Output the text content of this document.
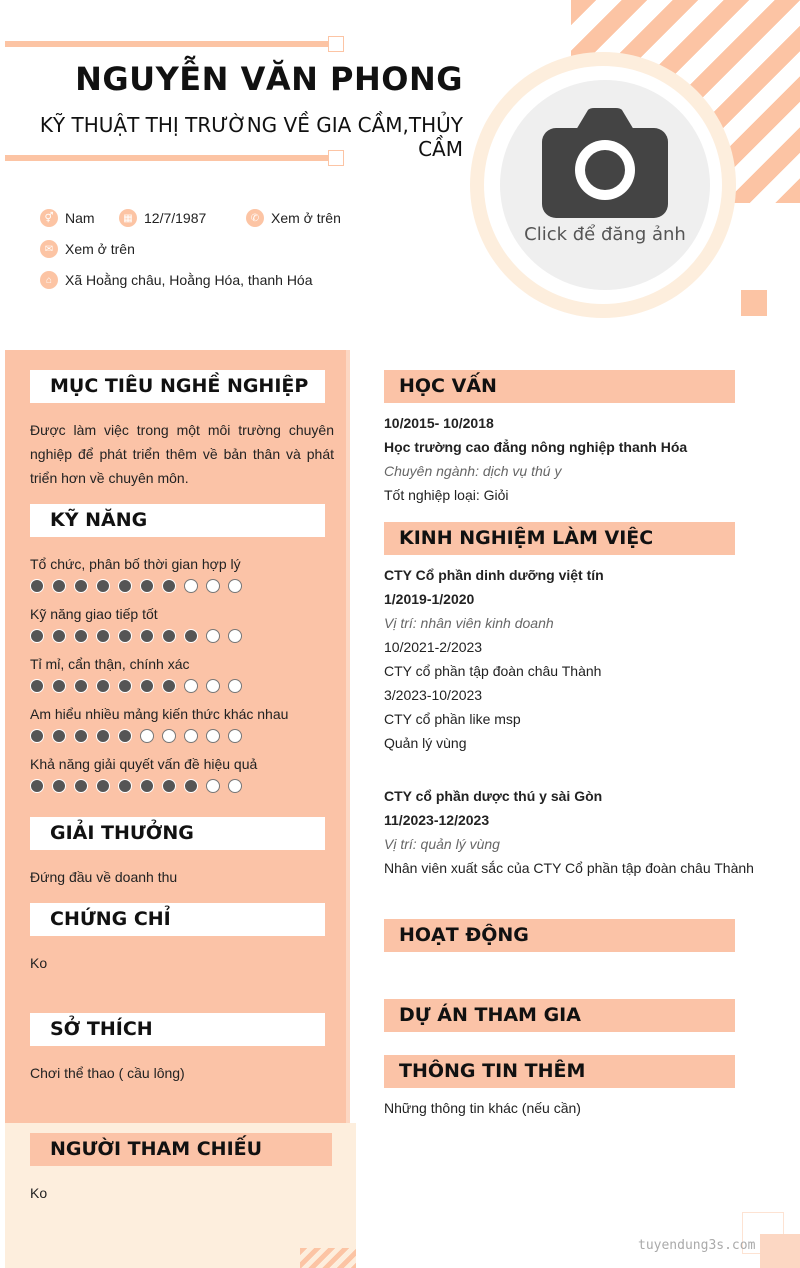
Click để đăng ảnh
NGUYỄN VĂN PHONG
KỸ THUẬT THỊ TRƯỜNG VỀ GIA CẦM,THỦY CẦM
⚥ Nam	▦ 12/7/1987	✆ Xem ở trên
✉ Xem ở trên
⌂ Xã Hoằng châu, Hoằng Hóa, thanh Hóa
MỤC TIÊU NGHỀ NGHIỆP
Được làm việc trong một môi trường chuyên nghiệp để phát triển thêm về bản thân và phát triển hơn về chuyên môn.
KỸ NĂNG
Tổ chức, phân bố thời gian hợp lý
Kỹ năng giao tiếp tốt
Tỉ mỉ, cẩn thận, chính xác
Am hiểu nhiều mảng kiến thức khác nhau
Khả năng giải quyết vấn đề hiệu quả
GIẢI THƯỞNG
Đứng đầu về doanh thu
CHỨNG CHỈ
Ko
SỞ THÍCH
Chơi thể thao ( cầu lông)
NGƯỜI THAM CHIẾU
Ko
HỌC VẤN
10/2015- 10/2018
Học trường cao đẳng nông nghiệp thanh Hóa
Chuyên ngành: dịch vụ thú y
Tốt nghiệp loại: Giỏi
KINH NGHIỆM LÀM VIỆC
CTY Cổ phần dinh dưỡng việt tín
1/2019-1/2020
Vị trí: nhân viên kinh doanh
10/2021-2/2023
CTY cổ phần tập đoàn châu Thành
3/2023-10/2023
CTY cổ phần like msp
Quản lý vùng
CTY cổ phần dược thú y sài Gòn
11/2023-12/2023
Vị trí: quản lý vùng
Nhân viên xuất sắc của CTY Cổ phần tập đoàn châu Thành
HOẠT ĐỘNG
DỰ ÁN THAM GIA
THÔNG TIN THÊM
Những thông tin khác (nếu cần)
tuyendung3s.com
